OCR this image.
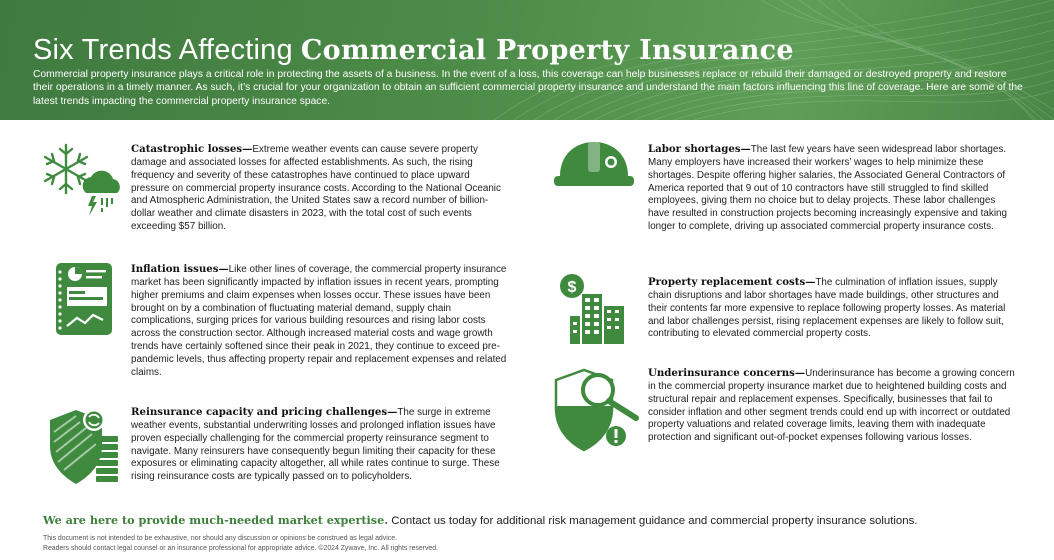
Six Trends Affecting Commercial Property Insurance
Commercial property insurance plays a critical role in protecting the assets of a business. In the event of a loss, this coverage can help businesses replace or rebuild their damaged or destroyed property and restore their operations in a timely manner. As such, it’s crucial for your organization to obtain an sufficient commercial property insurance and understand the main factors influencing this line of coverage. Here are some of the latest trends impacting the commercial property insurance space.
Catastrophic losses—Extreme weather events can cause severe property damage and associated losses for affected establishments. As such, the rising frequency and severity of these catastrophes have continued to place upward pressure on commercial property insurance costs. According to the National Oceanic and Atmospheric Administration, the United States saw a record number of billion-dollar weather and climate disasters in 2023, with the total cost of such events exceeding $57 billion.
Inflation issues—Like other lines of coverage, the commercial property insurance market has been significantly impacted by inflation issues in recent years, prompting higher premiums and claim expenses when losses occur. These issues have been brought on by a combination of fluctuating material demand, supply chain complications, surging prices for various building resources and rising labor costs across the construction sector. Although increased material costs and wage growth trends have certainly softened since their peak in 2021, they continue to exceed pre-pandemic levels, thus affecting property repair and replacement expenses and related claims.
Reinsurance capacity and pricing challenges—The surge in extreme weather events, substantial underwriting losses and prolonged inflation issues have proven especially challenging for the commercial property reinsurance segment to navigate. Many reinsurers have consequently begun limiting their capacity for these exposures or eliminating capacity altogether, all while rates continue to surge. These rising reinsurance costs are typically passed on to policyholders.
Labor shortages—The last few years have seen widespread labor shortages. Many employers have increased their workers’ wages to help minimize these shortages. Despite offering higher salaries, the Associated General Contractors of America reported that 9 out of 10 contractors have still struggled to find skilled employees, giving them no choice but to delay projects. These labor challenges have resulted in construction projects becoming increasingly expensive and taking longer to complete, driving up associated commercial property insurance costs.
$	Property replacement costs—The culmination of inflation issues, supply chain disruptions and labor shortages have made buildings, other structures and their contents far more expensive to replace following property losses. As material and labor challenges persist, rising replacement expenses are likely to follow suit, contributing to elevated commercial property costs.
Underinsurance concerns—Underinsurance has become a growing concern in the commercial property insurance market due to heightened building costs and structural repair and replacement expenses. Specifically, businesses that fail to consider inflation and other segment trends could end up with incorrect or outdated property valuations and related coverage limits, leaving them with inadequate protection and significant out-of-pocket expenses following various losses.
We are here to provide much-needed market expertise. Contact us today for additional risk management guidance and commercial property insurance solutions.
This document is not intended to be exhaustive, nor should any discussion or opinions be construed as legal advice.
Readers should contact legal counsel or an insurance professional for appropriate advice. ©2024 Zywave, Inc. All rights reserved.
